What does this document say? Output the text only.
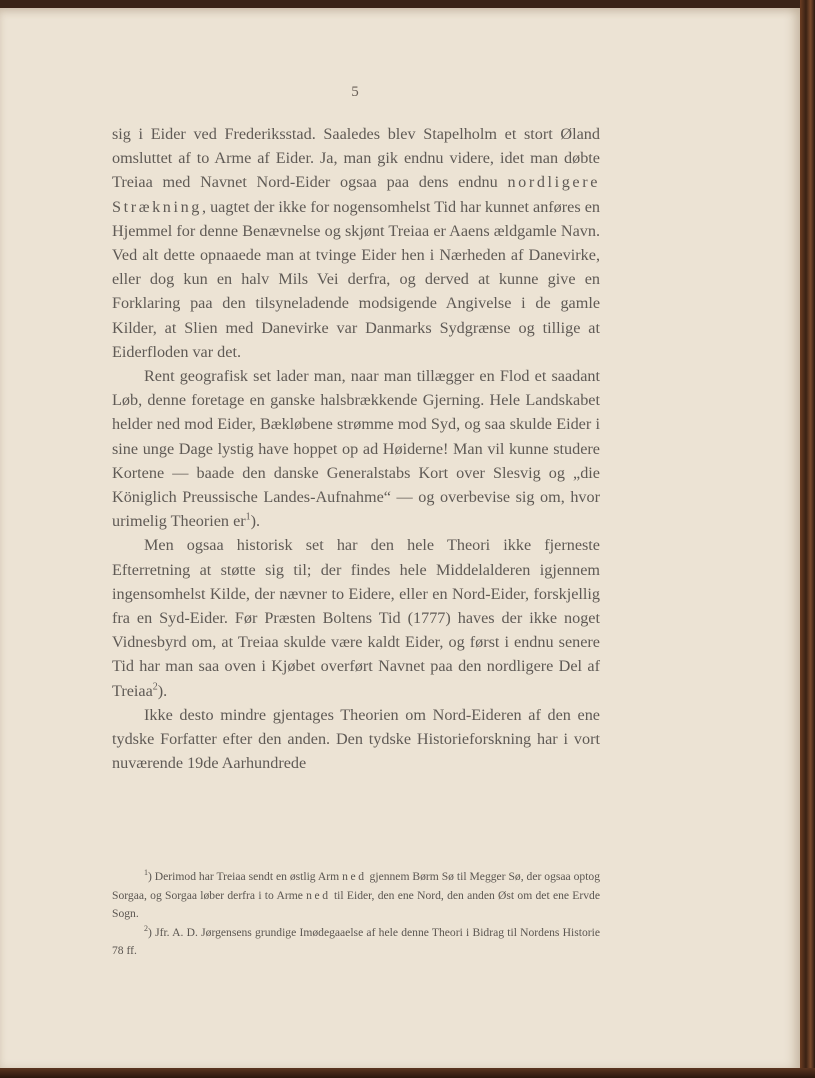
5

sig i Eider ved Frederiksstad. Saaledes blev Stapelholm et stort Øland omsluttet af to Arme af Eider. Ja, man gik endnu videre, idet man døbte Treiaa med Navnet Nord-Eider ogsaa paa dens endnu nordligere Strækning, uagtet der ikke for nogensomhelst Tid har kunnet anføres en Hjemmel for denne Benævnelse og skjønt Treiaa er Aaens ældgamle Navn. Ved alt dette opnaaede man at tvinge Eider hen i Nærheden af Danevirke, eller dog kun en halv Mils Vei derfra, og derved at kunne give en Forklaring paa den tilsyneladende modsigende Angivelse i de gamle Kilder, at Slien med Danevirke var Danmarks Sydgrænse og tillige at Eiderfloden var det.

Rent geografisk set lader man, naar man tillægger en Flod et saadant Løb, denne foretage en ganske halsbrækkende Gjerning. Hele Landskabet helder ned mod Eider, Bækløbene strømme mod Syd, og saa skulde Eider i sine unge Dage lystig have hoppet op ad Høiderne! Man vil kunne studere Kortene — baade den danske Generalstabs Kort over Slesvig og „die Königlich Preussische Landes-Aufnahme“ — og overbevise sig om, hvor urimelig Theorien $er^1$).

Men ogsaa historisk set har den hele Theori ikke fjerneste Efterretning at støtte sig til; der findes hele Middelalderen igjennem ingensomhelst Kilde, der nævner to Eidere, eller en Nord-Eider, forskjellig fra en Syd-Eider. Før Præsten Boltens Tid (1777) haves der ikke noget Vidnesbyrd om, at Treiaa skulde være kaldt Eider, og først i endnu senere Tid har man saa oven i Kjøbet overført Navnet paa den nordligere Del af Treiaa$^2$).

Ikke desto mindre gjentages Theorien om Nord-Eideren af den ene tydske Forfatter efter den anden. Den tydske Historieforskning har i vort nuværende 19de Aarhundrede

$^1$) Derimod har Treiaa sendt en østlig Arm ned gjennem Børm Sø til Megger Sø, der ogsaa optog Sorgaa, og Sorgaa løber derfra i to Arme ned til Eider, den ene Nord, den anden Øst om det ene Ervde Sogn.

$^2$) Jfr. A. D. Jørgensens grundige Imødegaaelse af hele denne Theori i Bidrag til Nordens Historie 78 ff.
